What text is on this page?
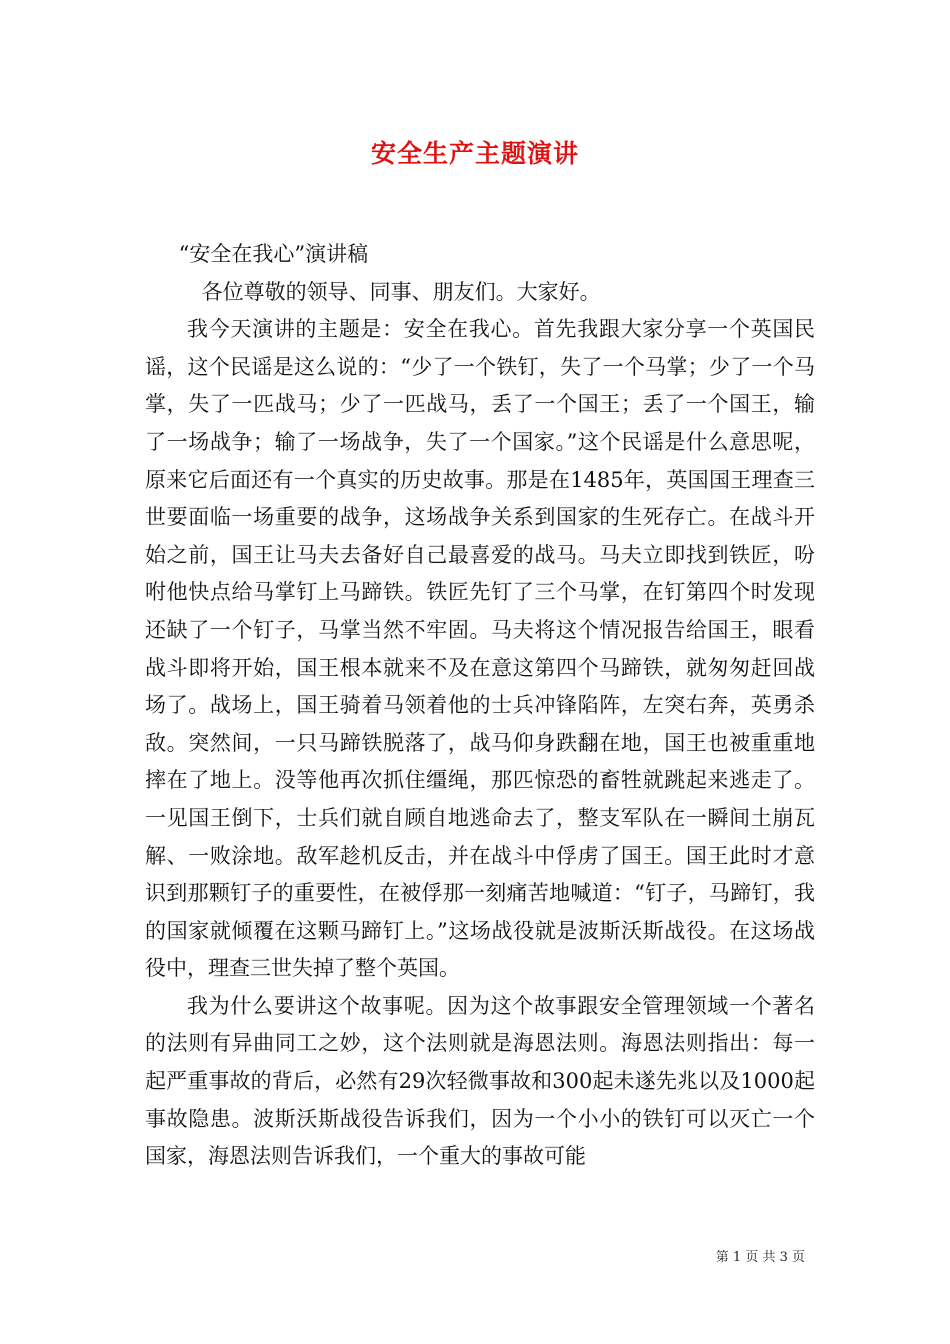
安全生产主题演讲

“安全在我心”演讲稿

各位尊敬的领导、同事、朋友们。大家好。

我今天演讲的主题是：安全在我心。首先我跟大家分享一个英国民谣，这个民谣是这么说的：“少了一个铁钉，失了一个马掌；少了一个马掌，失了一匹战马；少了一匹战马，丢了一个国王；丢了一个国王，输了一场战争；输了一场战争，失了一个国家。”这个民谣是什么意思呢，原来它后面还有一个真实的历史故事。那是在1485年，英国国王理查三世要面临一场重要的战争，这场战争关系到国家的生死存亡。在战斗开始之前，国王让马夫去备好自己最喜爱的战马。马夫立即找到铁匠，吩咐他快点给马掌钉上马蹄铁。铁匠先钉了三个马掌，在钉第四个时发现还缺了一个钉子，马掌当然不牢固。马夫将这个情况报告给国王，眼看战斗即将开始，国王根本就来不及在意这第四个马蹄铁，就匆匆赶回战场了。战场上，国王骑着马领着他的士兵冲锋陷阵，左突右奔，英勇杀敌。突然间，一只马蹄铁脱落了，战马仰身跌翻在地，国王也被重重地摔在了地上。没等他再次抓住缰绳，那匹惊恐的畜牲就跳起来逃走了。一见国王倒下，士兵们就自顾自地逃命去了，整支军队在一瞬间土崩瓦解、一败涂地。敌军趁机反击，并在战斗中俘虏了国王。国王此时才意识到那颗钉子的重要性，在被俘那一刻痛苦地喊道：“钉子，马蹄钉，我的国家就倾覆在这颗马蹄钉上。”这场战役就是波斯沃斯战役。在这场战役中，理查三世失掉了整个英国。

我为什么要讲这个故事呢。因为这个故事跟安全管理领域一个著名的法则有异曲同工之妙，这个法则就是海恩法则。海恩法则指出：每一起严重事故的背后，必然有29次轻微事故和300起未遂先兆以及1000起事故隐患。波斯沃斯战役告诉我们，因为一个小小的铁钉可以灭亡一个国家，海恩法则告诉我们，一个重大的事故可能

第 1 页 共 3 页
